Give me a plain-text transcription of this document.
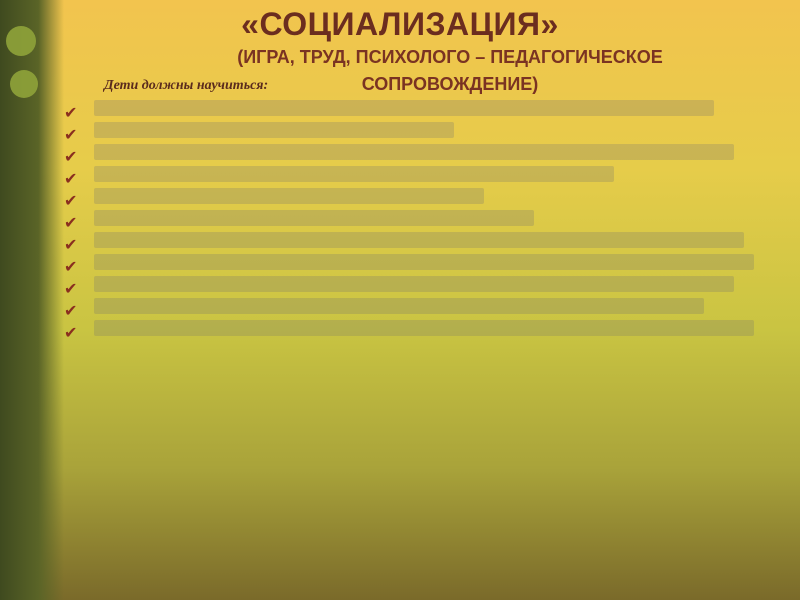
«СОЦИАЛИЗАЦИЯ»
(ИГРА, ТРУД, ПСИХОЛОГО – ПЕДАГОГИЧЕСКОЕ СОПРОВОЖДЕНИЕ)
Дети должны научиться:
✔
✔
✔
✔
✔
✔
✔
✔
✔
✔
✔
